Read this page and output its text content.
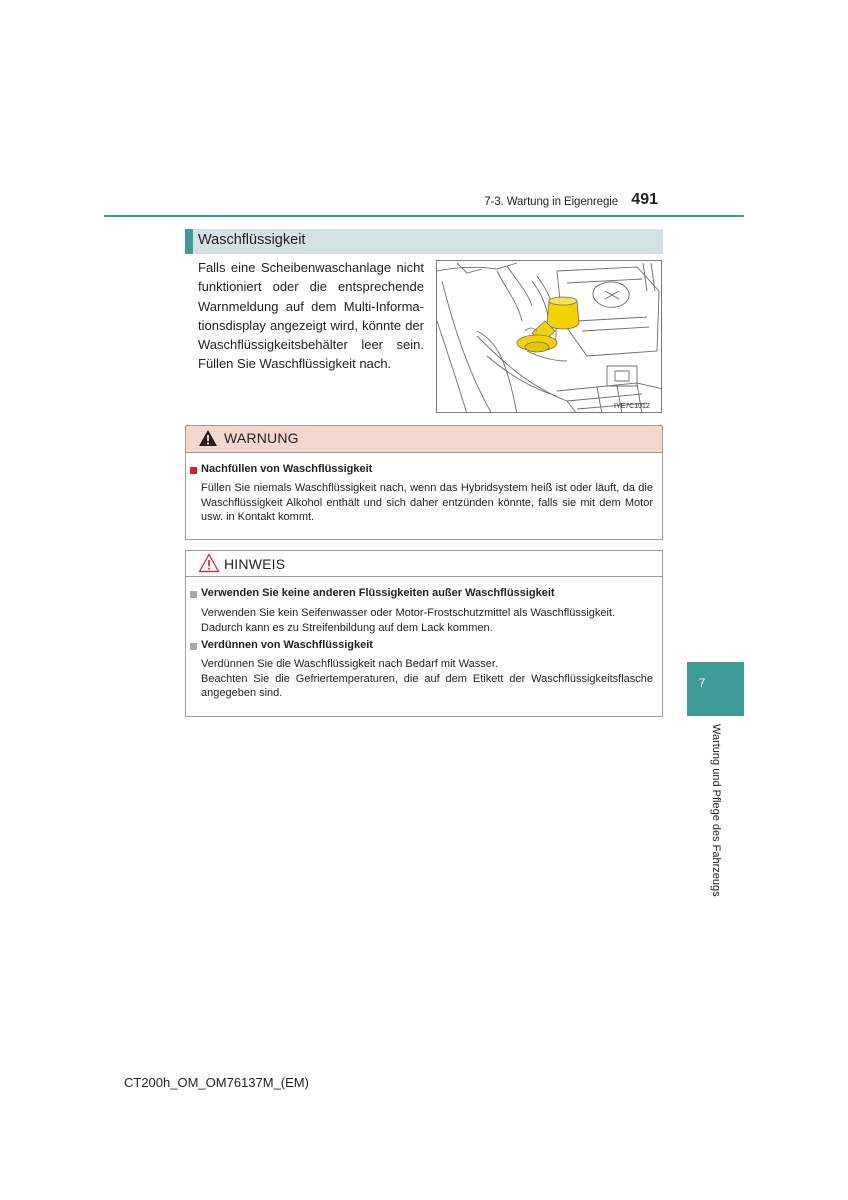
7-3. Wartung in Eigenregie 491
7
Wartung und Pflege des Fahrzeugs
Waschflüssigkeit
Falls eine Scheibenwaschanlage nicht
funktioniert oder die entsprechende
Warnmeldung auf dem Multi-Informa-
tionsdisplay angezeigt wird, könnte der
Waschflüssigkeitsbehälter leer sein.
Füllen Sie Waschflüssigkeit nach.
IYE7C1012
WARNUNG
Nachfüllen von Waschflüssigkeit
Füllen Sie niemals Waschflüssigkeit nach, wenn das Hybridsystem heiß ist oder läuft, da die
Waschflüssigkeit Alkohol enthält und sich daher entzünden könnte, falls sie mit dem Motor
usw. in Kontakt kommt.
HINWEIS
Verwenden Sie keine anderen Flüssigkeiten außer Waschflüssigkeit
Verwenden Sie kein Seifenwasser oder Motor-Frostschutzmittel als Waschflüssigkeit.
Dadurch kann es zu Streifenbildung auf dem Lack kommen.
Verdünnen von Waschflüssigkeit
Verdünnen Sie die Waschflüssigkeit nach Bedarf mit Wasser.
Beachten Sie die Gefriertemperaturen, die auf dem Etikett der Waschflüssigkeitsflasche
angegeben sind.
CT200h_OM_OM76137M_(EM)
